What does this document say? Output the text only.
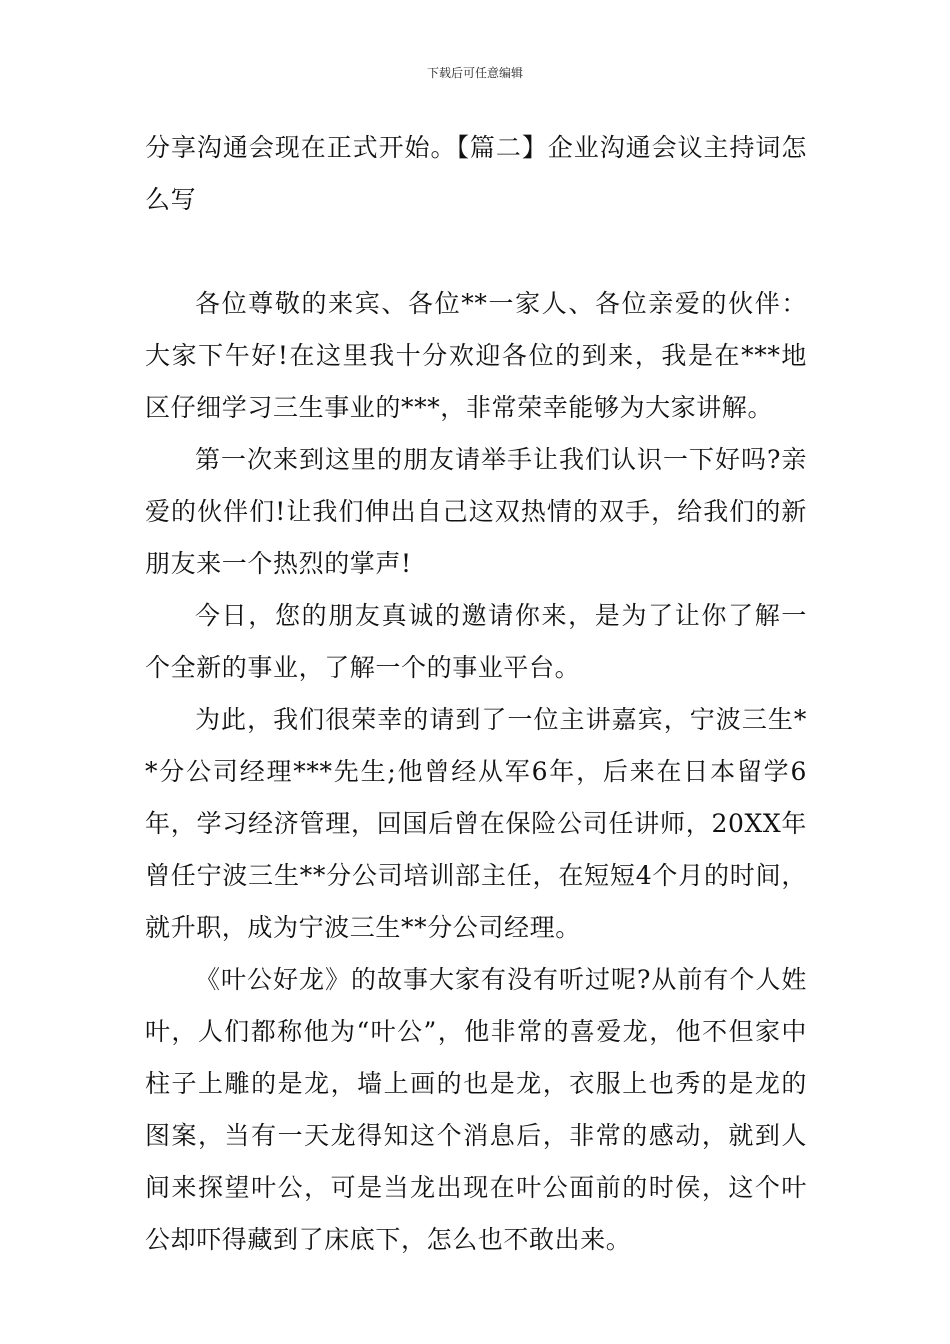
下载后可任意编辑

分享沟通会现在正式开始。【篇二】企业沟通会议主持词怎么写

各位尊敬的来宾、各位**一家人、各位亲爱的伙伴：大家下午好!在这里我十分欢迎各位的到来，我是在***地区仔细学习三生事业的***，非常荣幸能够为大家讲解。

第一次来到这里的朋友请举手让我们认识一下好吗?亲爱的伙伴们!让我们伸出自己这双热情的双手，给我们的新朋友来一个热烈的掌声!

今日，您的朋友真诚的邀请你来，是为了让你了解一个全新的事业，了解一个的事业平台。

为此，我们很荣幸的请到了一位主讲嘉宾，宁波三生**分公司经理***先生;他曾经从军6年，后来在日本留学6年，学习经济管理，回国后曾在保险公司任讲师，20XX年曾任宁波三生**分公司培训部主任，在短短4个月的时间，就升职，成为宁波三生**分公司经理。

《叶公好龙》的故事大家有没有听过呢?从前有个人姓叶，人们都称他为“叶公”，他非常的喜爱龙，他不但家中柱子上雕的是龙，墙上画的也是龙，衣服上也秀的是龙的图案，当有一天龙得知这个消息后，非常的感动，就到人间来探望叶公，可是当龙出现在叶公面前的时侯，这个叶公却吓得藏到了床底下，怎么也不敢出来。
